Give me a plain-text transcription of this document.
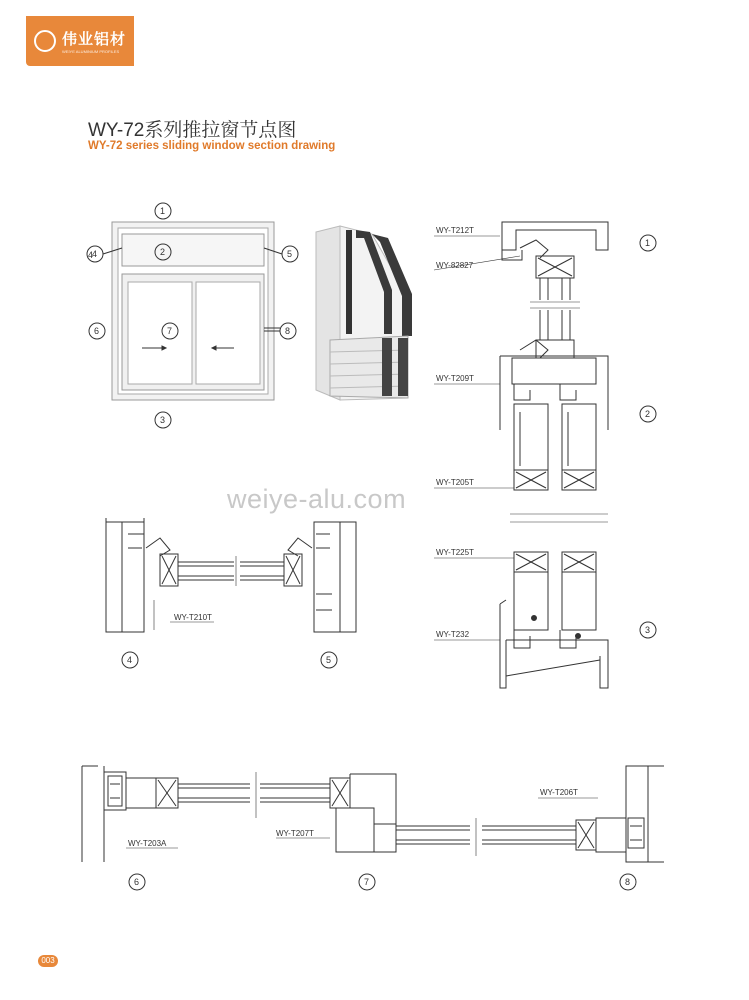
伟业铝材
WEIYE ALUMINIUM PROFILES
WY-72系列推拉窗节点图
WY-72 series sliding window section drawing
4
1
2
4	5
6	7	8
3
WY-T212T
WY-82827
WY-T209T
WY-T205T
WY-T225T
WY-T232
1
2
3
WY-T210T
4	5
WY-T203A
WY-T207T
WY-T206T
6	7	8
weiye-alu.com
003
